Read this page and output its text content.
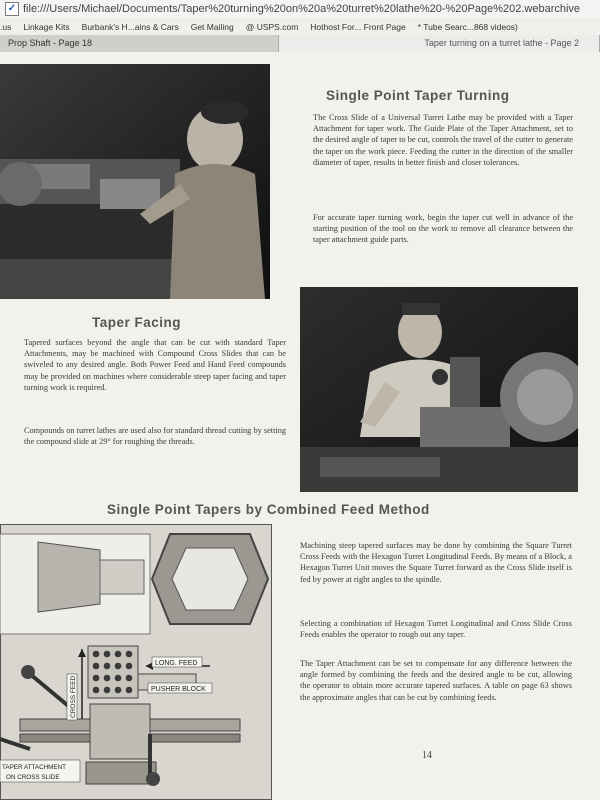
✓ file:///Users/Michael/Documents/Taper%20turning%20on%20a%20turret%20lathe%20-%20Page%202.webarchive
.us Linkage Kits Burbank's H...ains & Cars Get Mailing @ USPS.com Hothost For... Front Page * Tube Searc...868 videos)
Prop Shaft - Page 18	Taper turning on a turret lathe - Page 2
Single Point Taper Turning

The Cross Slide of a Universal Turret Lathe may be provided with a Taper Attachment for taper work. The Guide Plate of the Taper Attachment, set to the desired angle of taper to be cut, controls the travel of the cutter to generate the taper on the work piece. Feeding the cutter in the direction of the smaller diameter of taper, results in better finish and closer tolerances.

For accurate taper turning work, begin the taper cut well in advance of the starting position of the tool on the work to remove all clearance between the taper attachment guide parts.

Taper Facing

Tapered surfaces beyond the angle that can be cut with standard Taper Attachments, may be machined with Compound Cross Slides that can be swiveled to any desired angle. Both Power Feed and Hand Feed compounds may be provided on machines where considerable steep taper facing and taper turning work is required.

Compounds on turret lathes are used also for standard thread cutting by setting the compound slide at 29° for roughing the threads.

Single Point Tapers by Combined Feed Method
LONG. FEED
PUSHER BLOCK
CROSS FEED
TAPER ATTACHMENT
ON CROSS SLIDE

Machining steep tapered surfaces may be done by combining the Square Turret Cross Feeds with the Hexagon Turret Longitudinal Feeds. By means of a Block, a Hexagon Turret Unit moves the Square Turret forward as the Cross Slide itself is fed by power at right angles to the spindle.

Selecting a combination of Hexagon Turret Longitudinal and Cross Slide Cross Feeds enables the operator to rough out any taper.

The Taper Attachment can be set to compensate for any difference between the angle formed by combining the feeds and the desired angle to be cut, allowing the operator to obtain more accurate tapered surfaces. A table on page 63 shows the approximate angles that can be cut by combining feeds.

14
